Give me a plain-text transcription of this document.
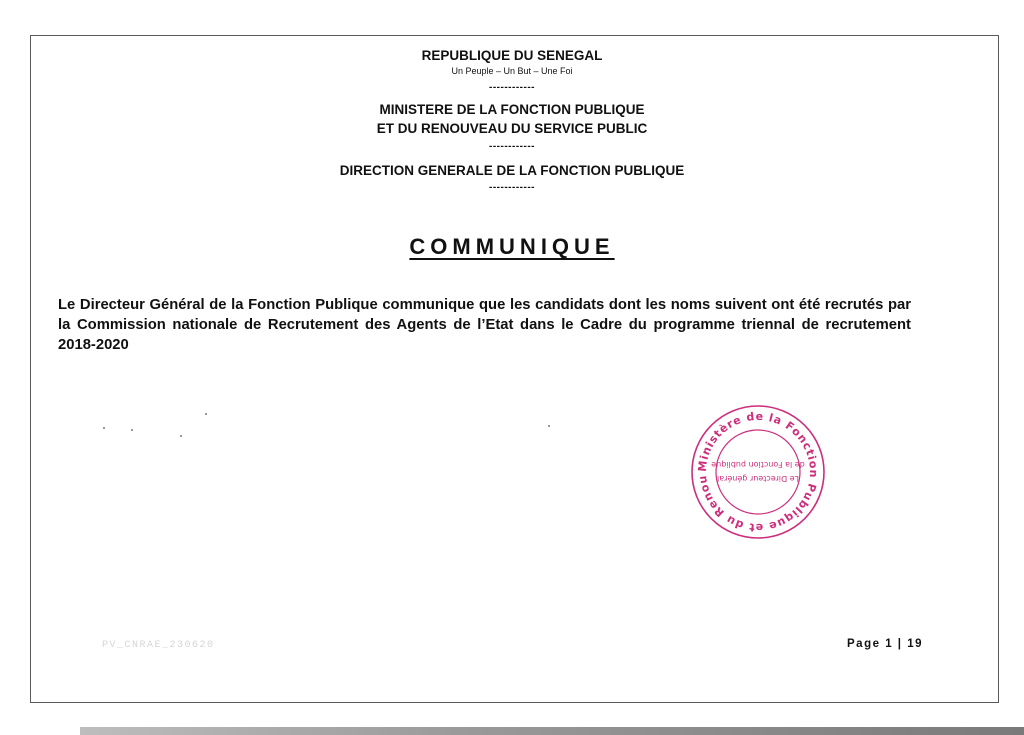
REPUBLIQUE DU SENEGAL
Un Peuple – Un But – Une Foi
------------
MINISTERE DE LA FONCTION PUBLIQUE
ET DU RENOUVEAU DU SERVICE PUBLIC
------------
DIRECTION GENERALE DE LA FONCTION PUBLIQUE
------------
COMMUNIQUE
Le Directeur Général de la Fonction Publique communique que les candidats dont les noms suivent ont été recrutés par la Commission nationale de Recrutement des Agents de l’Etat dans le Cadre du programme triennal de recrutement 2018-2020
Ministère de la Fonction Publique et du Renou Le Directeur général
de la Fonction publique
PV_CNRAE_230620	Page 1 | 19
